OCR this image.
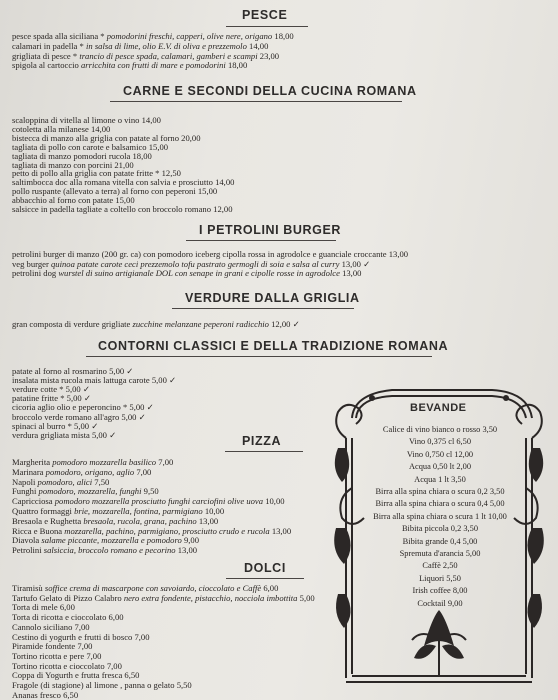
PESCE
pesce spada alla siciliana * pomodorini freschi, capperi, olive nere, origano 18,00
calamari in padella * in salsa di lime, olio E.V. di oliva e prezzemolo 14,00
grigliata di pesce * trancio di pesce spada, calamari, gamberi e scampi 23,00
spigola al cartoccio arricchita con frutti di mare e pomodorini 18,00
CARNE E SECONDI DELLA CUCINA ROMANA
scaloppina di vitella al limone o vino 14,00
cotoletta alla milanese 14,00
bistecca di manzo alla griglia con patate al forno 20,00
tagliata di pollo con carote e balsamico 15,00
tagliata di manzo pomodori rucola 18,00
tagliata di manzo con porcini 21,00
petto di pollo alla griglia con patate fritte * 12,50
saltimbocca doc alla romana vitella con salvia e prosciutto 14,00
pollo ruspante (allevato a terra) al forno con peperoni 15,00
abbacchio al forno con patate 15,00
salsicce in padella tagliate a coltello con broccolo romano 12,00
I PETROLINI BURGER
petrolini burger di manzo (200 gr. ca) con pomodoro iceberg cipolla rossa in agrodolce e guanciale croccante 13,00
veg burger quinoa patate carote ceci prezzemolo tofu pastrato germogli di soia e salsa al curry 13,00 ✓
petrolini dog wurstel di suino artigianale DOL con senape in grani e cipolle rosse in agrodolce 13,00
VERDURE DALLA GRIGLIA
gran composta di verdure grigliate zucchine melanzane peperoni radicchio 12,00 ✓
CONTORNI CLASSICI E DELLA TRADIZIONE ROMANA
patate al forno al rosmarino 5,00 ✓
insalata mista rucola mais lattuga carote 5,00 ✓
verdure cotte * 5,00 ✓
patatine fritte * 5,00 ✓
cicoria aglio olio e peperoncino * 5,00 ✓
broccolo verde romano all'agro 5,00 ✓
spinaci al burro * 5,00 ✓
verdura grigliata mista 5,00 ✓	PIZZA
Margherita pomodoro mozzarella basilico 7,00
Marinara pomodoro, origano, aglio 7,00
Napoli pomodoro, alici 7,50
Funghi pomodoro, mozzarella, funghi 9,50
Capricciosa pomodoro mozzarella prosciutto funghi carciofini olive uova 10,00
Quattro formaggi brie, mozzarella, fontina, parmigiano 10,00
Bresaola e Rughetta bresaola, rucola, grana, pachino 13,00
Ricca e Buona mozzarella, pachino, parmigiano, prosciutto crudo e rucola 13,00
Diavola salame piccante, mozzarella e pomodoro 9,00
Petrolini salsiccia, broccolo romano e pecorino 13,00
DOLCI
Tiramisù soffice crema di mascarpone con savoiardo, cioccolato e Caffè 6,00
Tartufo Gelato di Pizzo Calabro nero extra fondente, pistacchio, nocciola imbottita 5,00
Torta di mele 6,00
Torta di ricotta e cioccolato 6,00
Cannolo siciliano 7,00
Cestino di yogurth e frutti di bosco 7,00
Piramide fondente 7,00
Tortino ricotta e pere 7,00
Tortino ricotta e cioccolato 7,00
Coppa di Yogurth e frutta fresca 6,50
Fragole (di stagione) al limone , panna o gelato 5,50
Ananas fresco 6,50
BEVANDE
Calice di vino bianco o rosso 3,50
Vino 0,375 cl 6,50
Vino 0,750 cl 12,00
Acqua 0,50 lt 2,00
Acqua 1 lt 3,50
Birra alla spina chiara o scura 0,2 3,50
Birra alla spina chiara o scura 0,4 5,00
Birra alla spina chiara o scura 1 lt 10,00
Bibita piccola 0,2 3,50
Bibita grande 0,4 5,00
Spremuta d'arancia 5,00
Caffè 2,50
Liquori 5,50
Irish coffee 8,00
Cocktail 9,00
